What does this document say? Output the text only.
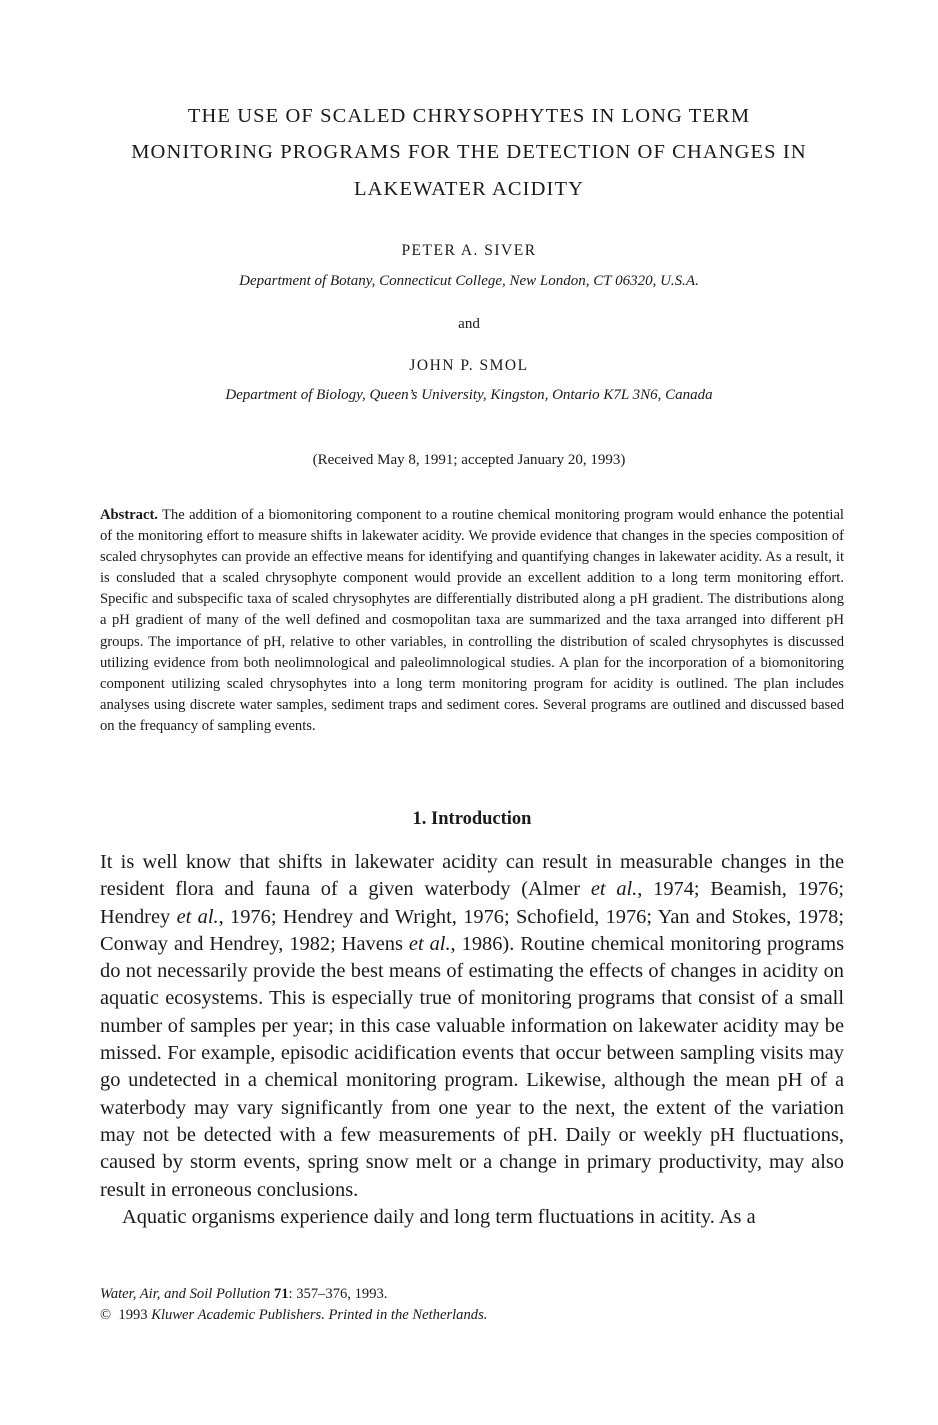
THE USE OF SCALED CHRYSOPHYTES IN LONG TERM
MONITORING PROGRAMS FOR THE DETECTION OF CHANGES IN
LAKEWATER ACIDITY
PETER A. SIVER
Department of Botany, Connecticut College, New London, CT 06320, U.S.A.
and
JOHN P. SMOL
Department of Biology, Queen’s University, Kingston, Ontario K7L 3N6, Canada
(Received May 8, 1991; accepted January 20, 1993)
Abstract. The addition of a biomonitoring component to a routine chemical monitoring program would enhance the potential of the monitoring effort to measure shifts in lakewater acidity. We provide evidence that changes in the species composition of scaled chrysophytes can provide an effective means for identifying and quantifying changes in lakewater acidity. As a result, it is consluded that a scaled chrysophyte component would provide an excellent addition to a long term monitoring effort. Specific and subspecific taxa of scaled chrysophytes are differentially distributed along a pH gradient. The distributions along a pH gradient of many of the well defined and cosmopolitan taxa are summarized and the taxa arranged into different pH groups. The importance of pH, relative to other variables, in controlling the distribution of scaled chrysophytes is discussed utilizing evidence from both neolimnological and paleolimnological studies. A plan for the incorporation of a biomonitoring component utilizing scaled chrysophytes into a long term monitoring program for acidity is outlined. The plan includes analyses using discrete water samples, sediment traps and sediment cores. Several programs are outlined and discussed based on the frequancy of sampling events.
1. Introduction

It is well know that shifts in lakewater acidity can result in measurable changes in the resident flora and fauna of a given waterbody (Almer et al., 1974; Beamish, 1976; Hendrey et al., 1976; Hendrey and Wright, 1976; Schofield, 1976; Yan and Stokes, 1978; Conway and Hendrey, 1982; Havens et al., 1986). Routine chemical monitoring programs do not necessarily provide the best means of estimating the effects of changes in acidity on aquatic ecosystems. This is especially true of monitoring programs that consist of a small number of samples per year; in this case valuable information on lakewater acidity may be missed. For example, episodic acidification events that occur between sampling visits may go undetected in a chemical monitoring program. Likewise, although the mean pH of a waterbody may vary significantly from one year to the next, the extent of the variation may not be detected with a few measurements of pH. Daily or weekly pH fluctuations, caused by storm events, spring snow melt or a change in primary productivity, may also result in erroneous conclusions.

Aquatic organisms experience daily and long term fluctuations in acitity. As a

Water, Air, and Soil Pollution 71: 357–376, 1993.
© 1993 Kluwer Academic Publishers. Printed in the Netherlands.
